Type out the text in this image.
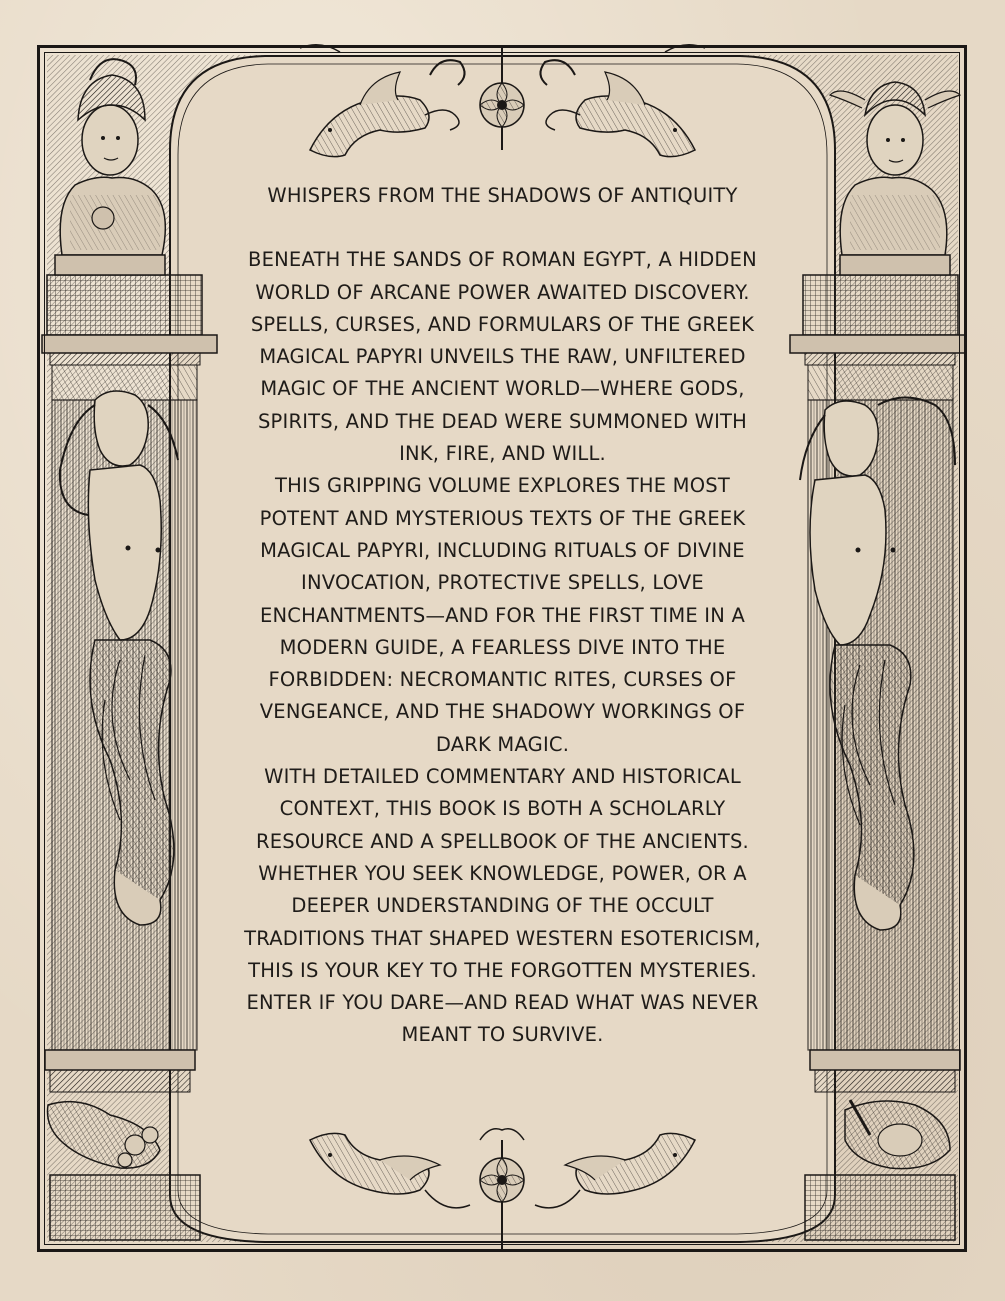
WHISPERS FROM THE SHADOWS OF ANTIQUITY

BENEATH THE SANDS OF ROMAN EGYPT, A HIDDEN WORLD OF ARCANE POWER AWAITED DISCOVERY. SPELLS, CURSES, AND FORMULARS OF THE GREEK MAGICAL PAPYRI UNVEILS THE RAW, UNFILTERED MAGIC OF THE ANCIENT WORLD—WHERE GODS, SPIRITS, AND THE DEAD WERE SUMMONED WITH INK, FIRE, AND WILL.

THIS GRIPPING VOLUME EXPLORES THE MOST POTENT AND MYSTERIOUS TEXTS OF THE GREEK MAGICAL PAPYRI, INCLUDING RITUALS OF DIVINE INVOCATION, PROTECTIVE SPELLS, LOVE ENCHANTMENTS—AND FOR THE FIRST TIME IN A MODERN GUIDE, A FEARLESS DIVE INTO THE FORBIDDEN: NECROMANTIC RITES, CURSES OF VENGEANCE, AND THE SHADOWY WORKINGS OF DARK MAGIC.

WITH DETAILED COMMENTARY AND HISTORICAL CONTEXT, THIS BOOK IS BOTH A SCHOLARLY RESOURCE AND A SPELLBOOK OF THE ANCIENTS. WHETHER YOU SEEK KNOWLEDGE, POWER, OR A DEEPER UNDERSTANDING OF THE OCCULT TRADITIONS THAT SHAPED WESTERN ESOTERICISM, THIS IS YOUR KEY TO THE FORGOTTEN MYSTERIES.

ENTER IF YOU DARE—AND READ WHAT WAS NEVER MEANT TO SURVIVE.
